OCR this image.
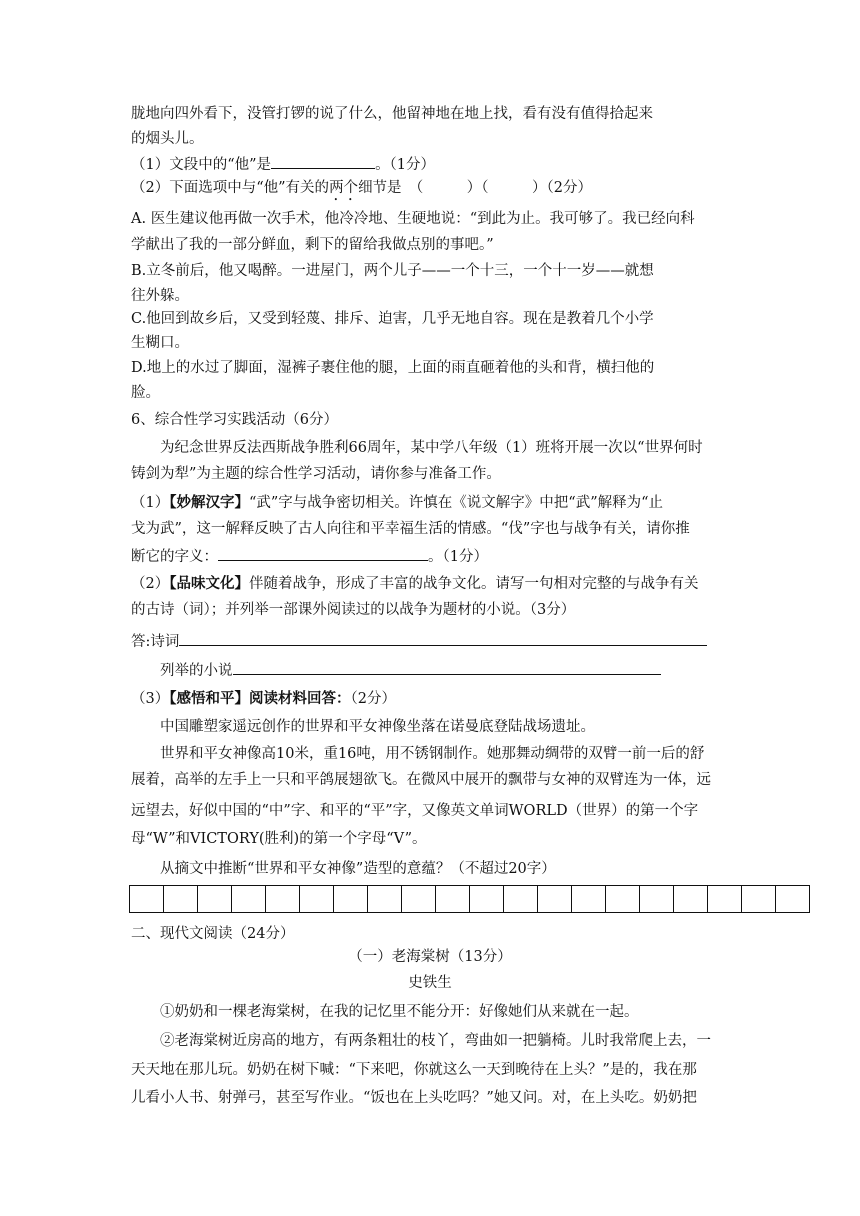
胧地向四外看下，没管打锣的说了什么，他留神地在地上找，看有没有值得拾起来
的烟头儿。
（1）文段中的“他”是	。（1分）
（2）下面选项中与“他”有关的两个细节是　（　　　）（　　　）（2分）
A. 医生建议他再做一次手术，他冷冷地、生硬地说：“到此为止。我可够了。我已经向科
学献出了我的一部分鲜血，剩下的留给我做点别的事吧。”
B.立冬前后，他又喝醉。一进屋门，两个儿子——一个十三，一个十一岁——就想
往外躲。
C.他回到故乡后，又受到轻蔑、排斥、迫害，几乎无地自容。现在是教着几个小学
生糊口。
D.地上的水过了脚面，湿裤子裹住他的腿，上面的雨直砸着他的头和背，横扫他的
脸。
6、综合性学习实践活动（6分）
为纪念世界反法西斯战争胜利66周年，某中学八年级（1）班将开展一次以“世界何时
铸剑为犁”为主题的综合性学习活动，请你参与准备工作。
（1）【妙解汉字】“武”字与战争密切相关。许慎在《说文解字》中把“武”解释为“止
戈为武”，这一解释反映了古人向往和平幸福生活的情感。“伐”字也与战争有关，请你推
断它的字义：	。（1分）
（2）【品味文化】伴随着战争，形成了丰富的战争文化。请写一句相对完整的与战争有关
的古诗（词）；并列举一部课外阅读过的以战争为题材的小说。（3分）
答:诗词
列举的小说
（3）【感悟和平】阅读材料回答：（2分）
中国雕塑家遥远创作的世界和平女神像坐落在诺曼底登陆战场遗址。
世界和平女神像高10米，重16吨，用不锈钢制作。她那舞动绸带的双臂一前一后的舒
展着，高举的左手上一只和平鸽展翅欲飞。在微风中展开的飘带与女神的双臂连为一体，远
远望去，好似中国的“中”字、和平的“平”字，又像英文单词WORLD（世界）的第一个字
母“W”和VICTORY(胜利)的第一个字母“V”。
从摘文中推断“世界和平女神像”造型的意蕴？（不超过20字）
二、现代文阅读（24分）
（一）老海棠树（13分）
史铁生
①奶奶和一棵老海棠树，在我的记忆里不能分开：好像她们从来就在一起。
②老海棠树近房高的地方，有两条粗壮的枝丫，弯曲如一把躺椅。儿时我常爬上去，一
天天地在那儿玩。奶奶在树下喊：“下来吧，你就这么一天到晚待在上头？”是的，我在那
儿看小人书、射弹弓，甚至写作业。“饭也在上头吃吗？”她又问。对，在上头吃。奶奶把
